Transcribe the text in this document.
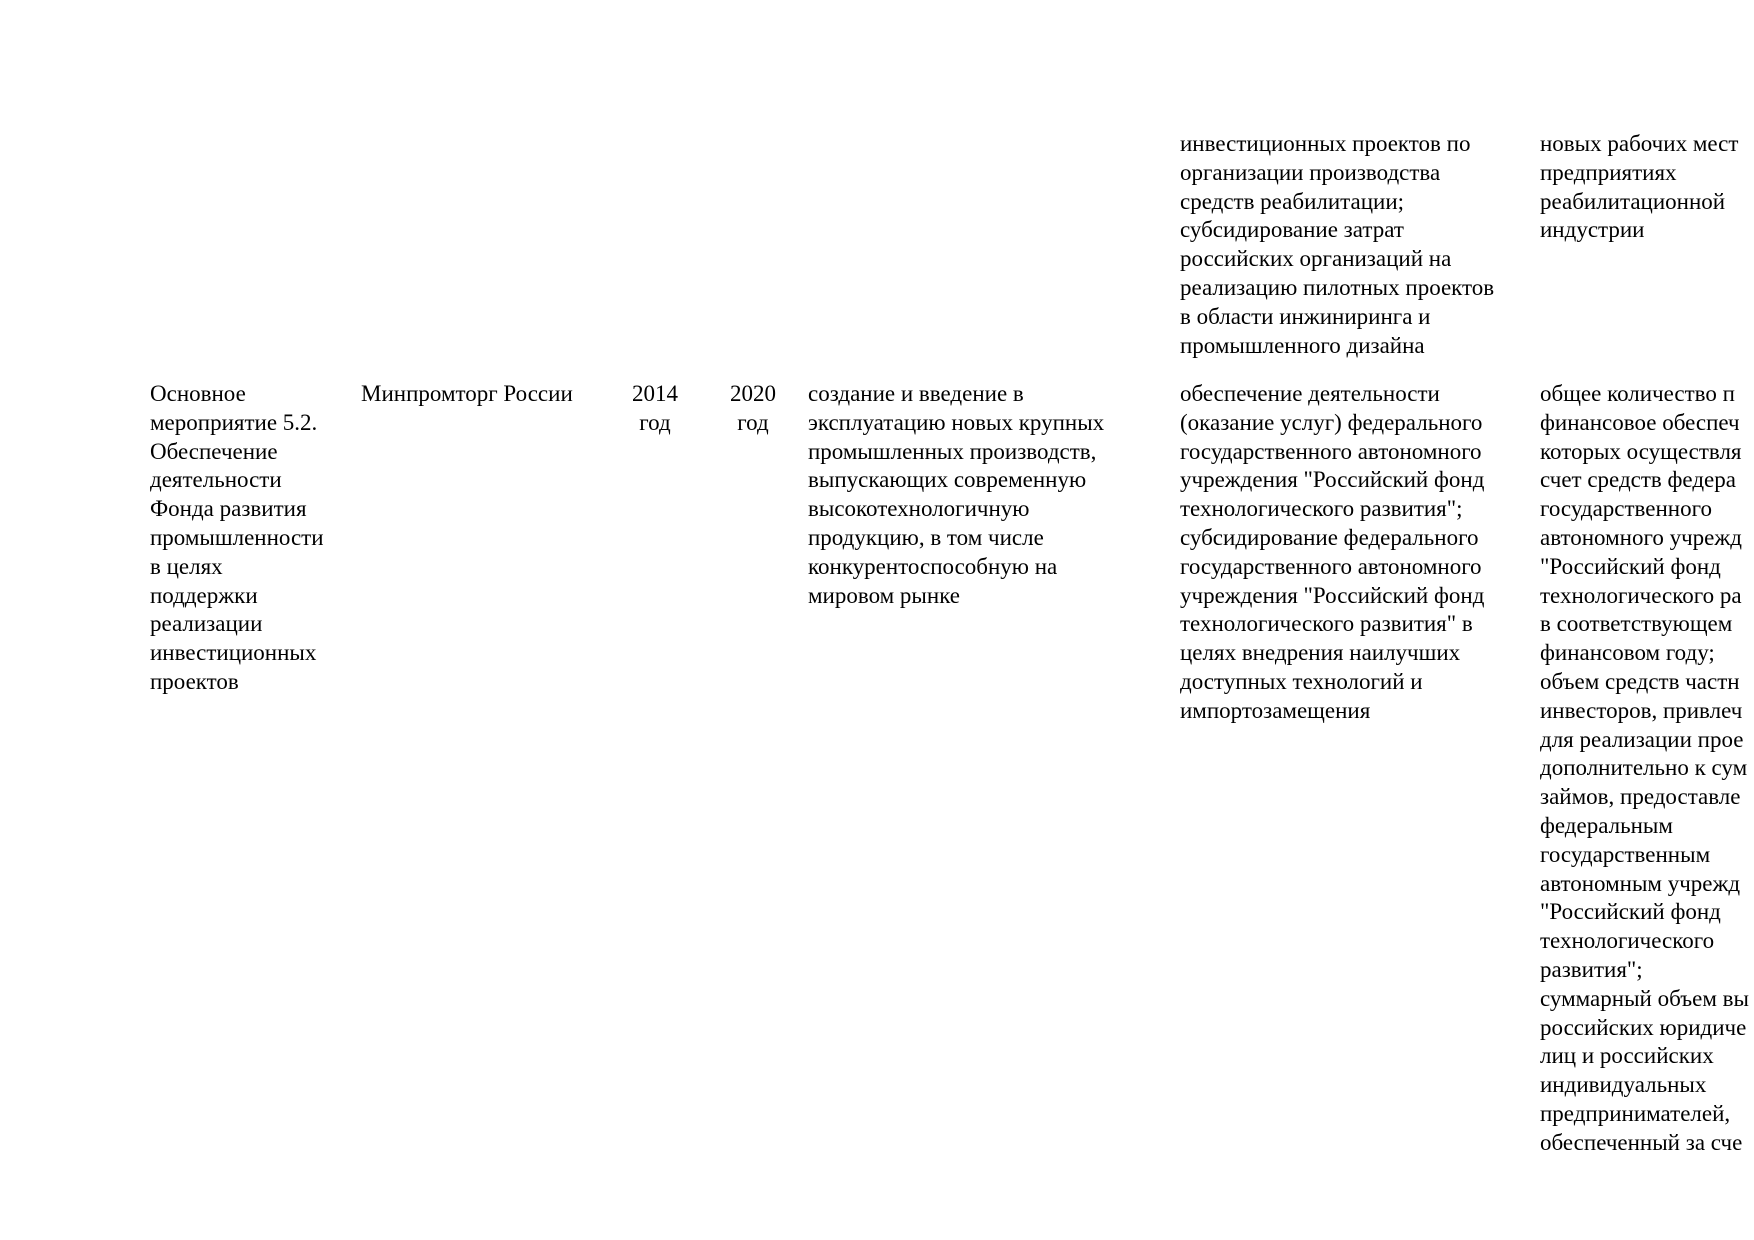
инвестиционных проектов по
организации производства
средств реабилитации;
субсидирование затрат
российских организаций на
реализацию пилотных проектов
в области инжиниринга и
промышленного дизайна
новых рабочих мест
предприятиях
реабилитационной
индустрии
Основное
мероприятие 5.2.
Обеспечение
деятельности
Фонда развития
промышленности
в целях
поддержки
реализации
инвестиционных
проектов
Минпромторг России	2014
год
2020
год
создание и введение в
эксплуатацию новых крупных
промышленных производств,
выпускающих современную
высокотехнологичную
продукцию, в том числе
конкурентоспособную на
мировом рынке
обеспечение деятельности
(оказание услуг) федерального
государственного автономного
учреждения "Российский фонд
технологического развития";
субсидирование федерального
государственного автономного
учреждения "Российский фонд
технологического развития" в
целях внедрения наилучших
доступных технологий и
импортозамещения
общее количество п
финансовое обеспеч
которых осуществля
счет средств федера
государственного
автономного учрежд
"Российский фонд
технологического ра
в соответствующем
финансовом году;
объем средств частн
инвесторов, привлеч
для реализации прое
дополнительно к сум
займов, предоставле
федеральным
государственным
автономным учрежд
"Российский фонд
технологического
развития";
суммарный объем вы
российских юридиче
лиц и российских
индивидуальных
предпринимателей,
обеспеченный за сче
